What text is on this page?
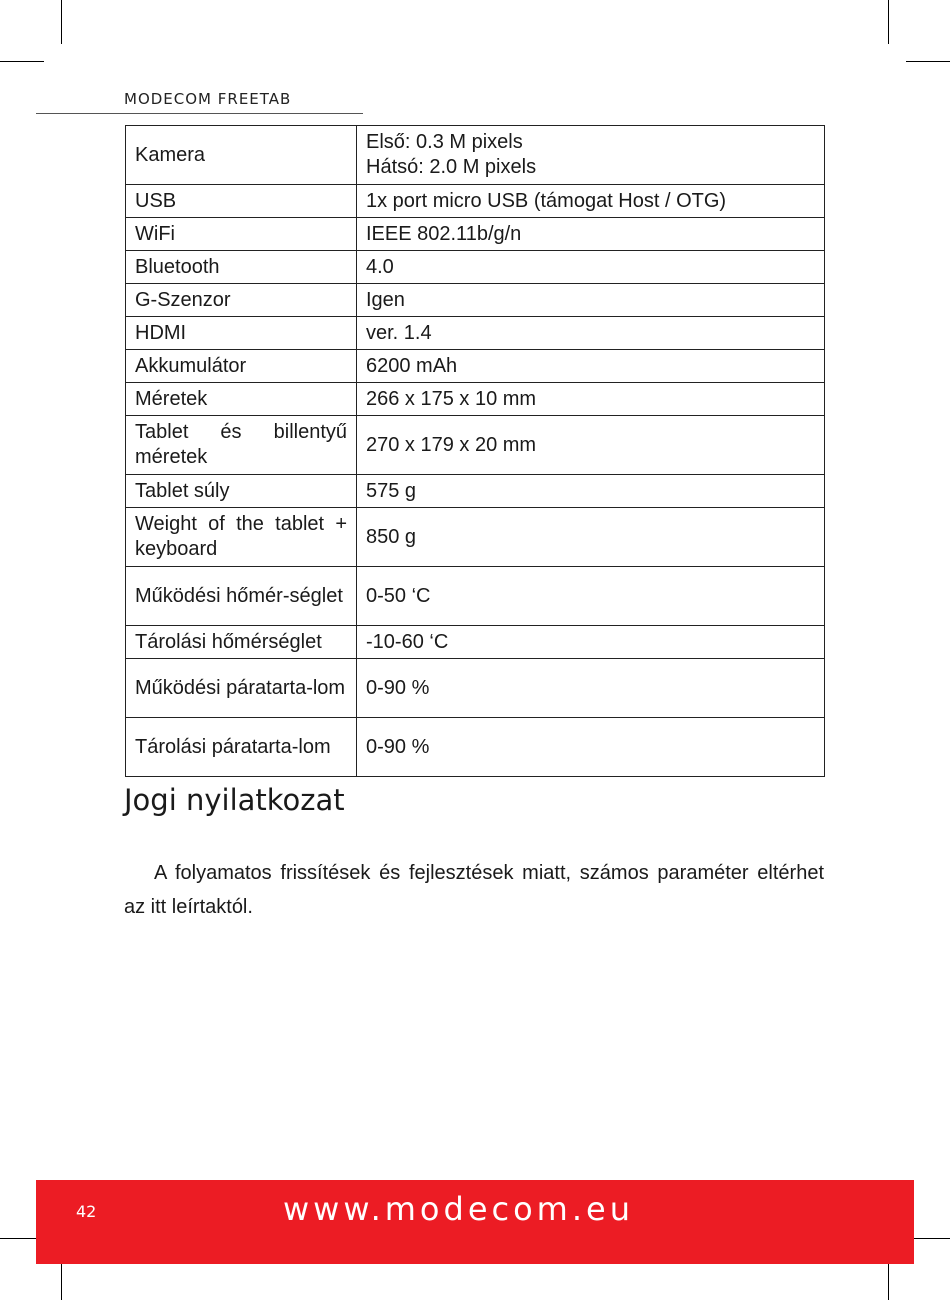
MODECOM FREETAB
Kamera	Első: 0.3 M pixels
Hátsó: 2.0 M pixels

USB	1x port micro USB (támogat Host / OTG)

WiFi	IEEE 802.11b/g/n

Bluetooth	4.0

G-Szenzor	Igen

HDMI	ver. 1.4

Akkumulátor	6200 mAh

Méretek	266 x 175 x 10 mm

Tablet és billentyű méretek	270 x 179 x 20 mm

Tablet súly	575 g

Weight of the tablet + keyboard	850 g

Működési hőmér-séglet	0-50 ‘C

Tárolási hőmérséglet	-10-60 ‘C

Működési páratarta-lom	0-90 %

Tárolási páratarta-lom	0-90 %
Jogi nyilatkozat

A folyamatos frissítések és fejlesztések miatt, számos paraméter eltérhet az itt leírtaktól.

42	www.modecom.eu
